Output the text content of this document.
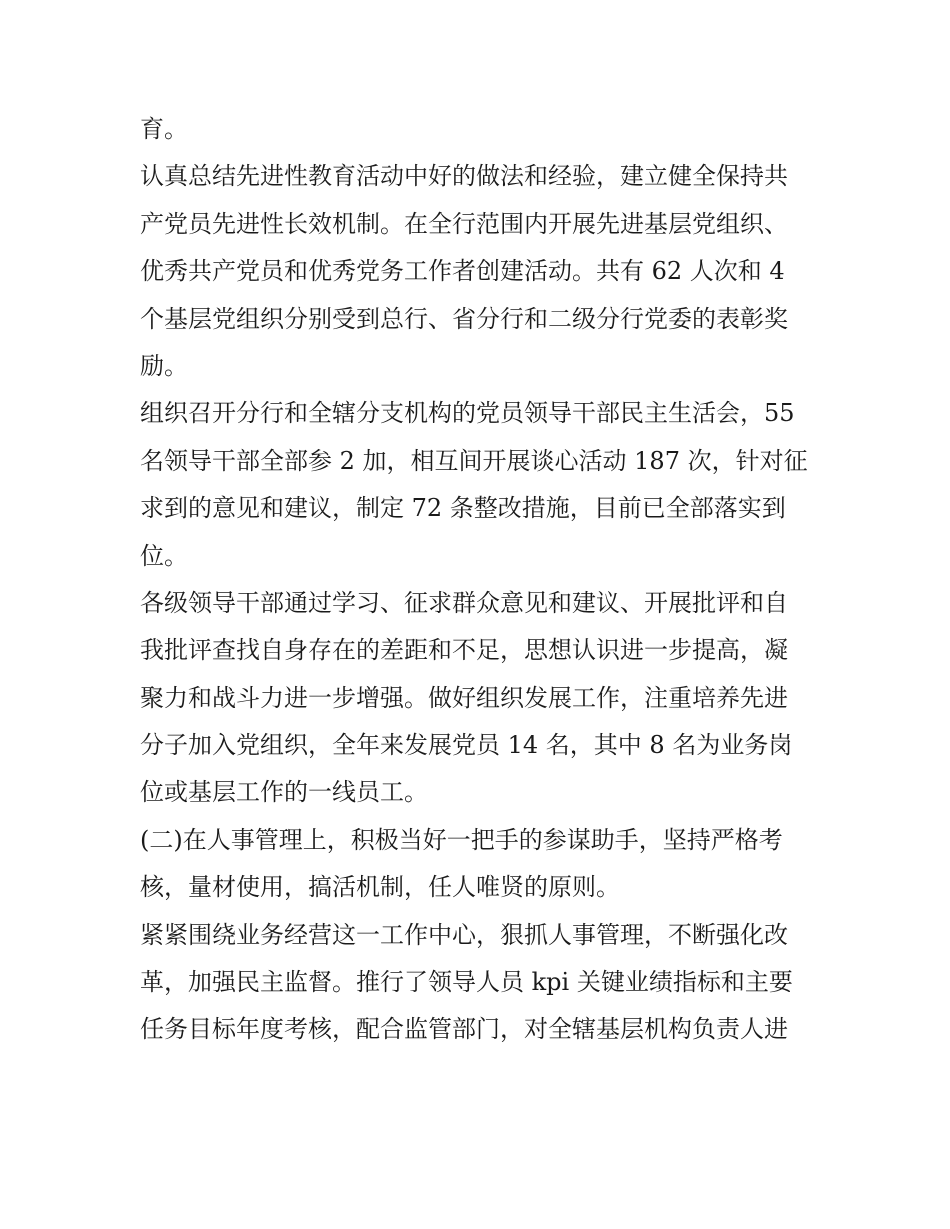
育。
认真总结先进性教育活动中好的做法和经验，建立健全保持共
产党员先进性长效机制。在全行范围内开展先进基层党组织、
优秀共产党员和优秀党务工作者创建活动。共有 62 人次和 4
个基层党组织分别受到总行、省分行和二级分行党委的表彰奖
励。
组织召开分行和全辖分支机构的党员领导干部民主生活会，55
名领导干部全部参 2 加，相互间开展谈心活动 187 次，针对征
求到的意见和建议，制定 72 条整改措施，目前已全部落实到
位。
各级领导干部通过学习、征求群众意见和建议、开展批评和自
我批评查找自身存在的差距和不足，思想认识进一步提高，凝
聚力和战斗力进一步增强。做好组织发展工作，注重培养先进
分子加入党组织，全年来发展党员 14 名，其中 8 名为业务岗
位或基层工作的一线员工。
(二)在人事管理上，积极当好一把手的参谋助手，坚持严格考
核，量材使用，搞活机制，任人唯贤的原则。
紧紧围绕业务经营这一工作中心，狠抓人事管理，不断强化改
革，加强民主监督。推行了领导人员 kpi 关键业绩指标和主要
任务目标年度考核，配合监管部门，对全辖基层机构负责人进
